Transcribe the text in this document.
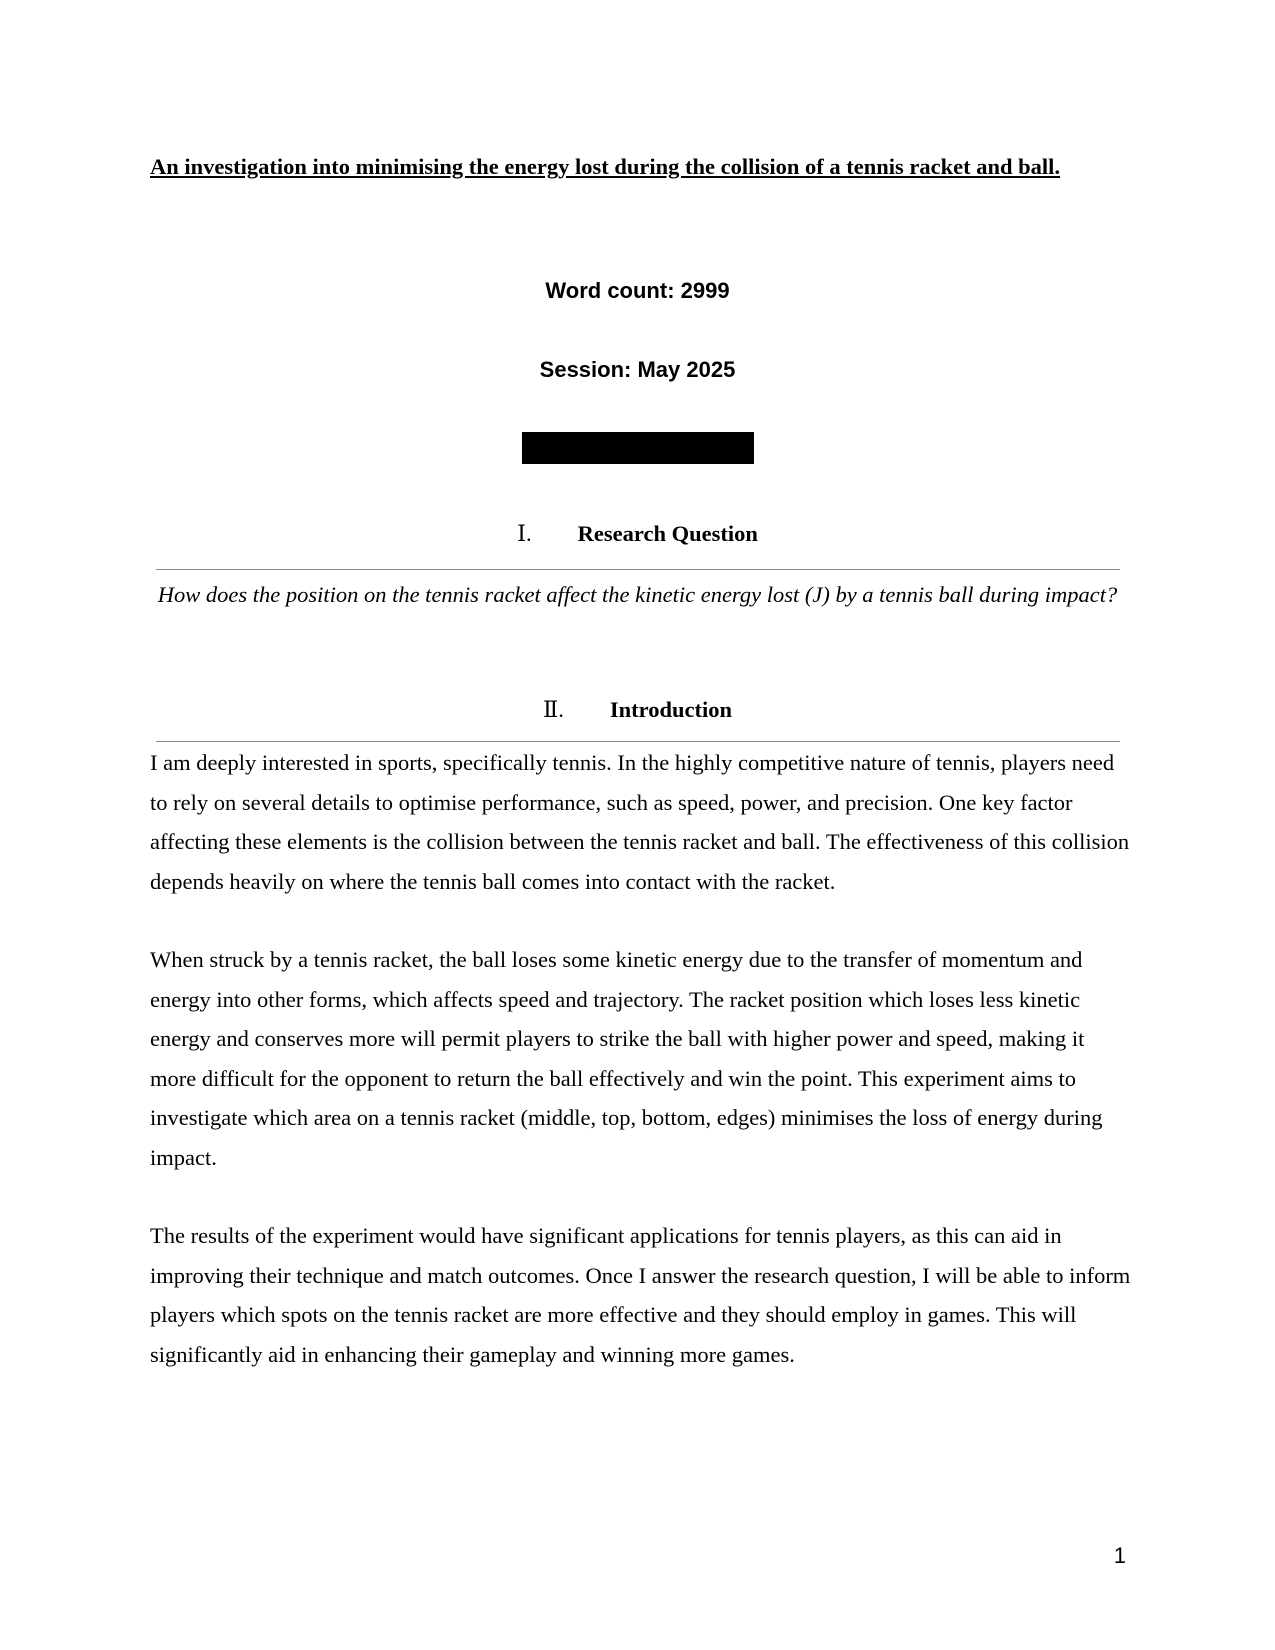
An investigation into minimising the energy lost during the collision of a tennis racket and ball.

Word count: 2999

Session: May 2025

Ⅰ. Research Question

How does the position on the tennis racket affect the kinetic energy lost (J) by a tennis ball during impact?

Ⅱ. Introduction

I am deeply interested in sports, specifically tennis. In the highly competitive nature of tennis, players need to rely on several details to optimise performance, such as speed, power, and precision. One key factor affecting these elements is the collision between the tennis racket and ball. The effectiveness of this collision depends heavily on where the tennis ball comes into contact with the racket.

When struck by a tennis racket, the ball loses some kinetic energy due to the transfer of momentum and energy into other forms, which affects speed and trajectory. The racket position which loses less kinetic energy and conserves more will permit players to strike the ball with higher power and speed, making it more difficult for the opponent to return the ball effectively and win the point. This experiment aims to investigate which area on a tennis racket (middle, top, bottom, edges) minimises the loss of energy during impact.

The results of the experiment would have significant applications for tennis players, as this can aid in improving their technique and match outcomes. Once I answer the research question, I will be able to inform players which spots on the tennis racket are more effective and they should employ in games. This will significantly aid in enhancing their gameplay and winning more games.

1
